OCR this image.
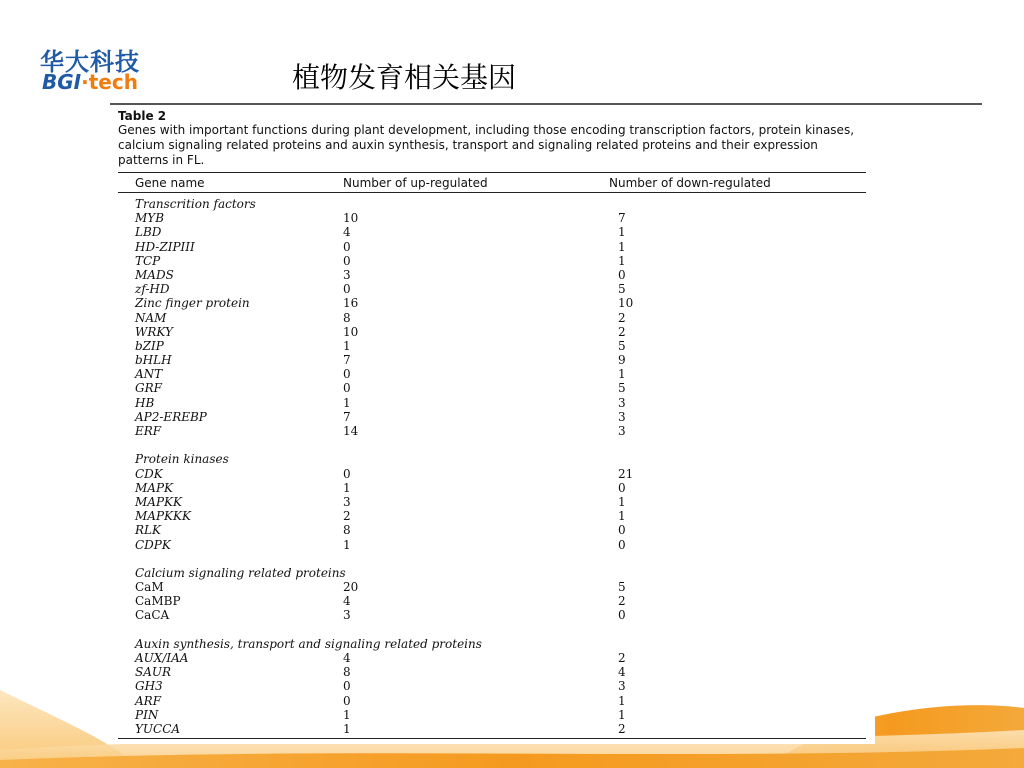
华大科技
BGI·tech	植物发育相关基因
Table 2
Genes with important functions during plant development, including those encoding transcription factors, protein kinases, calcium signaling related proteins and auxin synthesis, transport and signaling related proteins and their expression patterns in FL.
Gene name	Number of up-regulated	Number of down-regulated
Transcrition factors
MYB	10	7
LBD	4	1
HD-ZIPIII	0	1
TCP	0	1
MADS	3	0
zf-HD	0	5
Zinc finger protein	16	10
NAM	8	2
WRKY	10	2
bZIP	1	5
bHLH	7	9
ANT	0	1
GRF	0	5
HB	1	3
AP2-EREBP	7	3
ERF	14	3
Protein kinases
CDK	0	21
MAPK	1	0
MAPKK	3	1
MAPKKK	2	1
RLK	8	0
CDPK	1	0
Calcium signaling related proteins
CaM	20	5
CaMBP	4	2
CaCA	3	0
Auxin synthesis, transport and signaling related proteins
AUX/IAA	4	2
SAUR	8	4
GH3	0	3
ARF	0	1
PIN	1	1
YUCCA	1	2
